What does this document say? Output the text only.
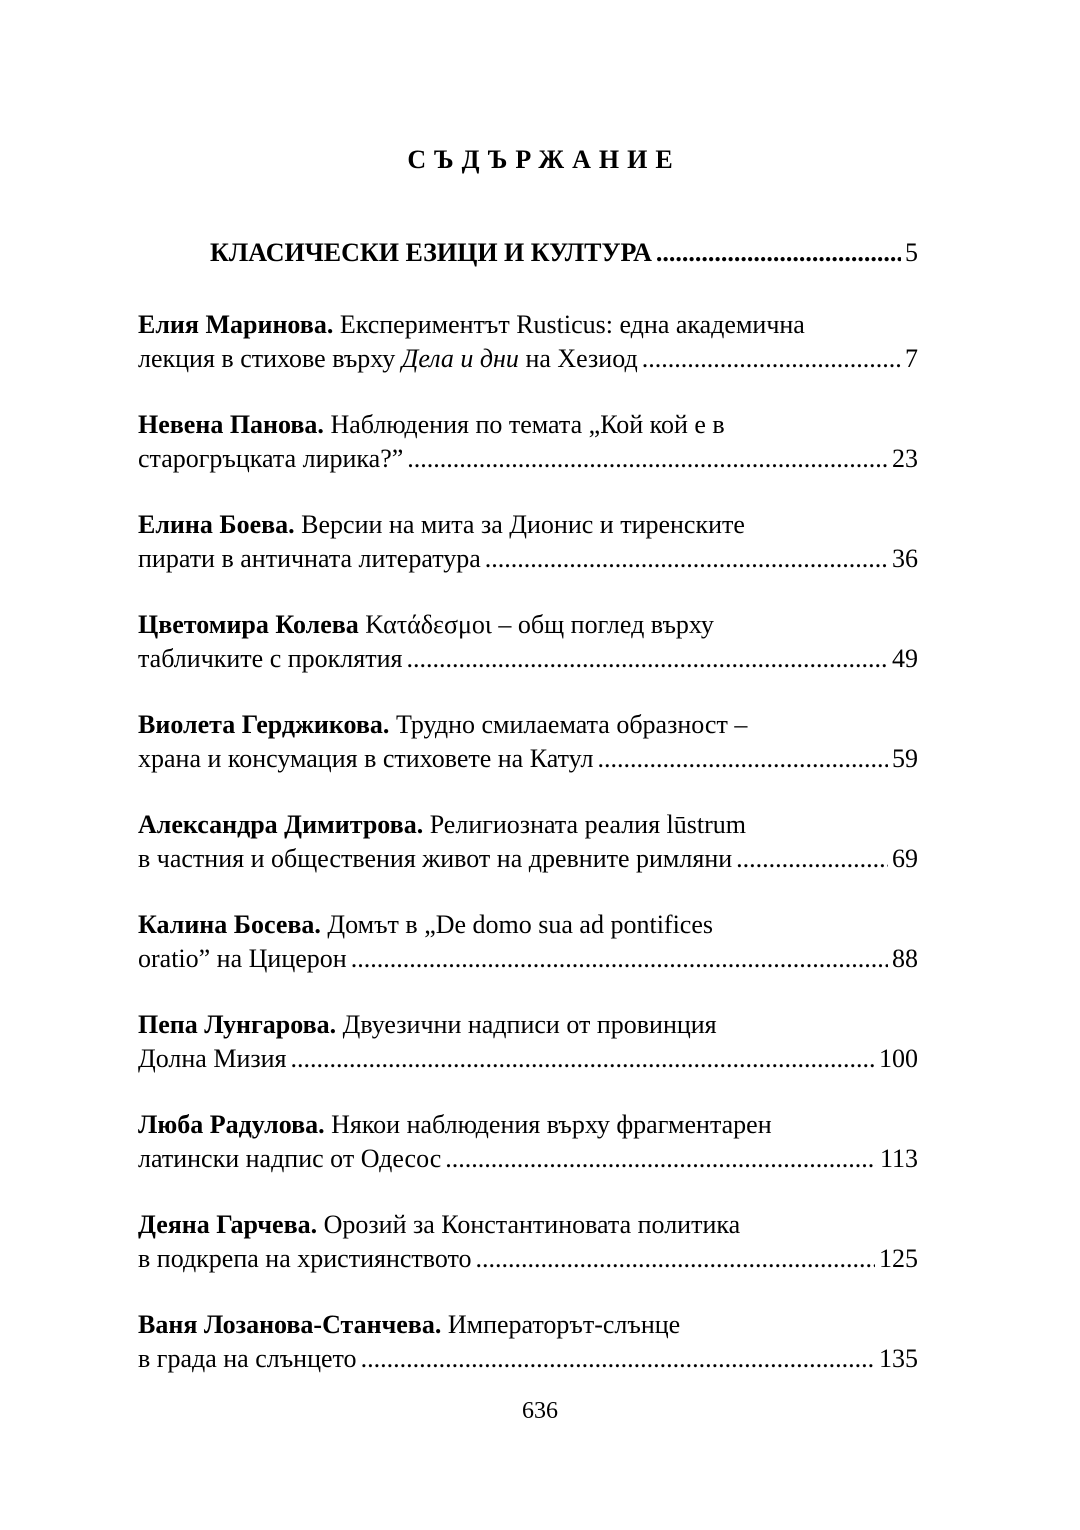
СЪДЪРЖАНИЕ
КЛАСИЧЕСКИ ЕЗИЦИ И КУЛТУРА .....	5
Елия Маринова. Експериментът Rusticus: една академична
лекция в стихове върху Дела и дни на Хезиод .....	7
Невена Панова. Наблюдения по темата „Кой кой е в
старогръцката лирика?” .....	23
Елина Боева. Версии на мита за Дионис и тиренските
пирати в античната литература .....	36
Цветомира Колева Κατάδεσμοι – общ поглед върху
табличките с проклятия .....	49
Виолета Герджикова. Трудно смилаемата образност –
храна и консумация в стиховете на Катул .....	59
Александра Димитрова. Религиозната реалия lūstrum
в частния и обществения живот на древните римляни .....	69
Калина Босева. Домът в „De domo sua ad pontifices
oratio” на Цицерон .....	88
Пепа Лунгарова. Двуезични надписи от провинция
Долна Мизия .....	100
Люба Радулова. Някои наблюдения върху фрагментарен
латински надпис от Одесос .....	113
Деяна Гарчева. Орозий за Константиновата политика
в подкрепа на християнството .....	125
Ваня Лозанова-Станчева. Императорът-слънце
в града на слънцето .....	135
636
